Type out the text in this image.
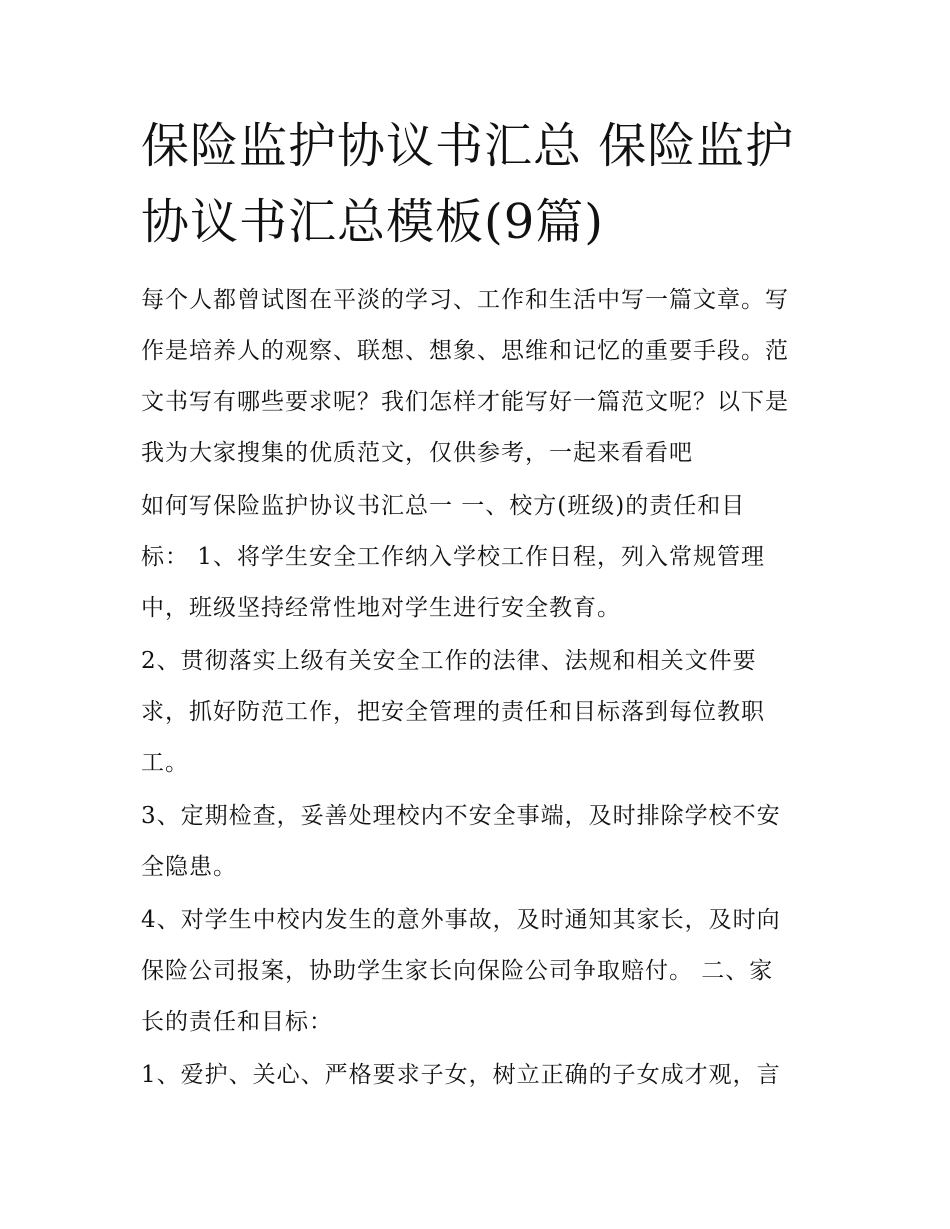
保险监护协议书汇总 保险监护
协议书汇总模板(9篇)

每个人都曾试图在平淡的学习、工作和生活中写一篇文章。写
作是培养人的观察、联想、想象、思维和记忆的重要手段。范
文书写有哪些要求呢？我们怎样才能写好一篇范文呢？以下是
我为大家搜集的优质范文，仅供参考，一起来看看吧

如何写保险监护协议书汇总一 一、校方(班级)的责任和目
标： 1、将学生安全工作纳入学校工作日程，列入常规管理
中，班级坚持经常性地对学生进行安全教育。

2、贯彻落实上级有关安全工作的法律、法规和相关文件要
求，抓好防范工作，把安全管理的责任和目标落到每位教职
工。

3、定期检查，妥善处理校内不安全事端，及时排除学校不安
全隐患。

4、对学生中校内发生的意外事故，及时通知其家长，及时向
保险公司报案，协助学生家长向保险公司争取赔付。 二、家
长的责任和目标：

1、爱护、关心、严格要求子女，树立正确的子女成才观，言
